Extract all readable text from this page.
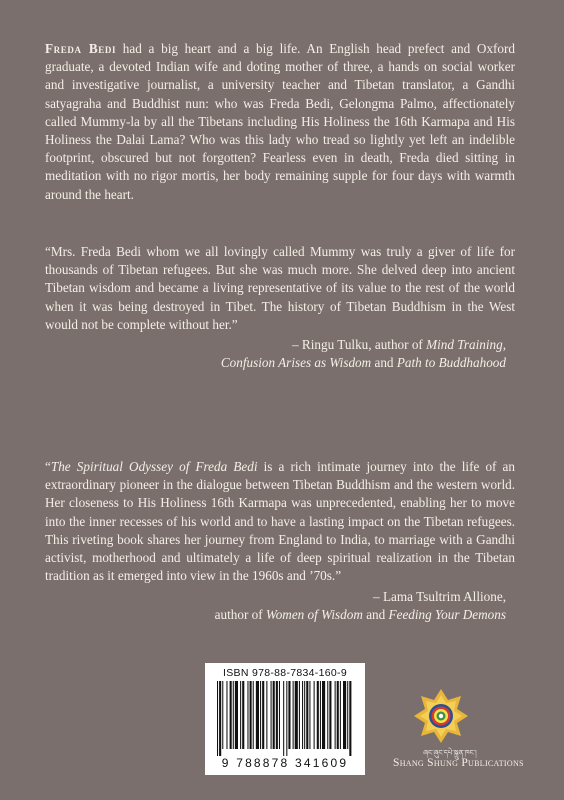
Freda Bedi had a big heart and a big life. An English head prefect and Oxford graduate, a devoted Indian wife and doting mother of three, a hands on social worker and investigative journalist, a university teacher and Tibetan translator, a Gandhi satyagraha and Buddhist nun: who was Freda Bedi, Gelongma Palmo, affectionately called Mummy-la by all the Tibetans including His Holiness the 16th Karmapa and His Holiness the Dalai Lama? Who was this lady who tread so lightly yet left an indelible footprint, obscured but not forgotten? Fearless even in death, Freda died sitting in meditation with no rigor mortis, her body remaining supple for four days with warmth around the heart.

“Mrs. Freda Bedi whom we all lovingly called Mummy was truly a giver of life for thousands of Tibetan refugees. But she was much more. She delved deep into ancient Tibetan wisdom and became a living representative of its value to the rest of the world when it was being destroyed in Tibet. The history of Tibetan Buddhism in the West would not be complete without her.”

– Ringu Tulku, author of Mind Training,
Confusion Arises as Wisdom and Path to Buddhahood

“The Spiritual Odyssey of Freda Bedi is a rich intimate journey into the life of an extraordinary pioneer in the dialogue between Tibetan Buddhism and the western world. Her closeness to His Holiness 16th Karmapa was unprecedented, enabling her to move into the inner recesses of his world and to have a lasting impact on the Tibetan refugees. This riveting book shares her journey from England to India, to marriage with a Gandhi activist, motherhood and ultimately a life of deep spiritual realization in the Tibetan tradition as it emerged into view in the 1960s and ’70s.”

– Lama Tsultrim Allione,
author of Women of Wisdom and Feeding Your Demons
ISBN 978-88-7834-160-9
9 788878 341609
ཞང་ཞུང་དཔེ་སྐྲུན་ཁང་།
Shang Shung Publications
